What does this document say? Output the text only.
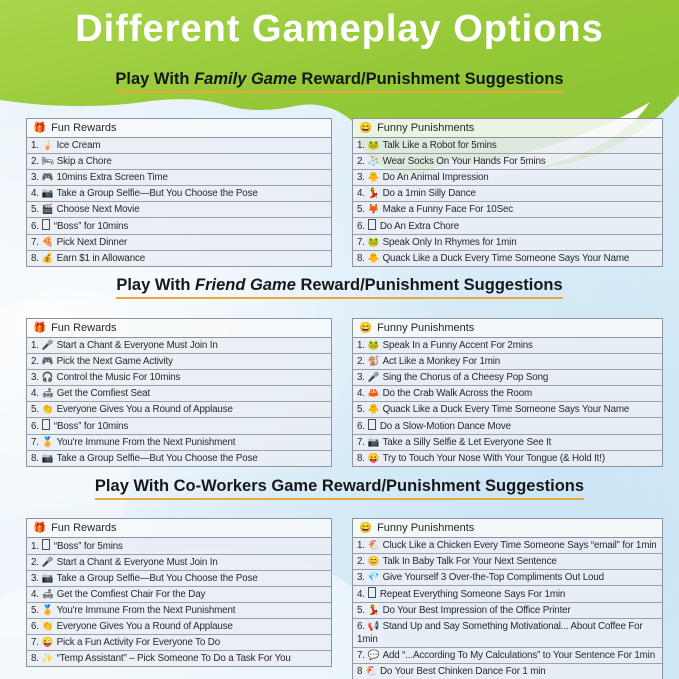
Different Gameplay Options
Play With Family Game Reward/Punishment Suggestions
🎁 Fun Rewards
1. 🍦 Ice Cream
2. 🛏 Skip a Chore
3. 🎮 10mins Extra Screen Time
4. 📷 Take a Group Selfie—But You Choose the Pose
5. 🎬 Choose Next Movie
6. “Boss” for 10mins
7. 🍕 Pick Next Dinner
8. 💰 Earn $1 in Allowance
😄 Funny Punishments
1. 🐸 Talk Like a Robot for 5mins
2. 🧦 Wear Socks On Your Hands For 5mins
3. 🐥 Do An Animal Impression
4. 💃 Do a 1min Silly Dance
5. 🦊 Make a Funny Face For 10Sec
6. Do An Extra Chore
7. 🐸 Speak Only In Rhymes for 1min
8. 🐥 Quack Like a Duck Every Time Someone Says Your Name
Play With Friend Game Reward/Punishment Suggestions
🎁 Fun Rewards
1. 🎤 Start a Chant & Everyone Must Join In
2. 🎮 Pick the Next Game Activity
3. 🎧 Control the Music For 10mins
4. 🛋 Get the Comfiest Seat
5. 👏 Everyone Gives You a Round of Applause
6. “Boss” for 10mins
7. 🏅 You're Immune From the Next Punishment
8. 📷 Take a Group Selfie—But You Choose the Pose
😄 Funny Punishments
1. 🐸 Speak In a Funny Accent For 2mins
2. 🐒 Act Like a Monkey For 1min
3. 🎤 Sing the Chorus of a Cheesy Pop Song
4. 🦀 Do the Crab Walk Across the Room
5. 🐥 Quack Like a Duck Every Time Someone Says Your Name
6. Do a Slow-Motion Dance Move
7. 📷 Take a Silly Selfie & Let Everyone See It
8. 😛 Try to Touch Your Nose With Your Tongue (& Hold It!)
Play With Co-Workers Game Reward/Punishment Suggestions
🎁 Fun Rewards
1. “Boss” for 5mins
2. 🎤 Start a Chant & Everyone Must Join In
3. 📷 Take a Group Selfie—But You Choose the Pose
4. 🛋 Get the Comfiest Chair For the Day
5. 🏅 You're Immune From the Next Punishment
6. 👏 Everyone Gives You a Round of Applause
7. 😜 Pick a Fun Activity For Everyone To Do
8. ✨ “Temp Assistant” – Pick Someone To Do a Task For You
😄 Funny Punishments
1. 🐔 Cluck Like a Chicken Every Time Someone Says “email” for 1min
2. 😊 Talk In Baby Talk For Your Next Sentence
3. 💎 Give Yourself 3 Over-the-Top Compliments Out Loud
4. Repeat Everything Someone Says For 1min
5. 💃 Do Your Best Impression of the Office Printer
6. 📢 Stand Up and Say Something Motivational... About Coffee For 1min
7. 💬 Add “...According To My Calculations” to Your Sentence For 1min
8 🐔 Do Your Best Chinken Dance For 1 min
